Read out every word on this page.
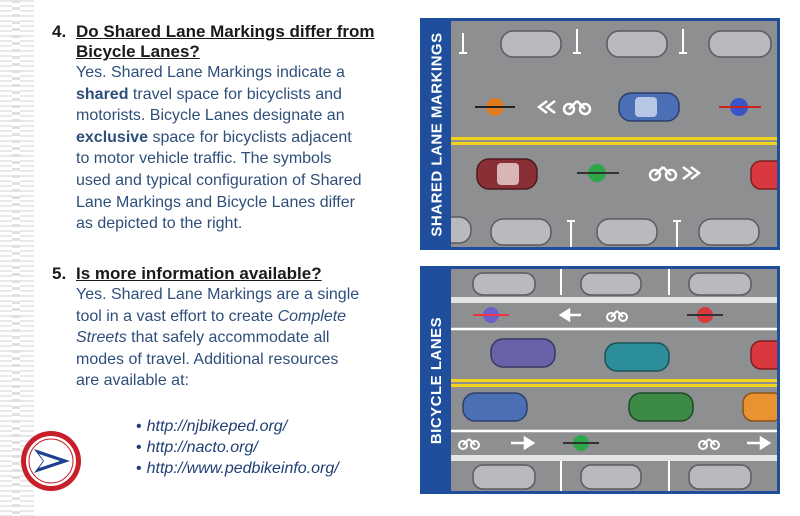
4. Do Shared Lane Markings differ from
Bicycle Lanes?
Yes. Shared Lane Markings indicate a
shared travel space for bicyclists and
motorists. Bicycle Lanes designate an
exclusive space for bicyclists adjacent
to motor vehicle traffic. The symbols
used and typical configuration of Shared
Lane Markings and Bicycle Lanes differ
as depicted to the right.
5. Is more information available?
Yes. Shared Lane Markings are a single
tool in a vast effort to create Complete
Streets that safely accommodate all
modes of travel. Additional resources
are available at:
• http://njbikeped.org/
• http://nacto.org/
• http://www.pedbikeinfo.org/
SHARED LANE MARKINGS
BICYCLE LANES
